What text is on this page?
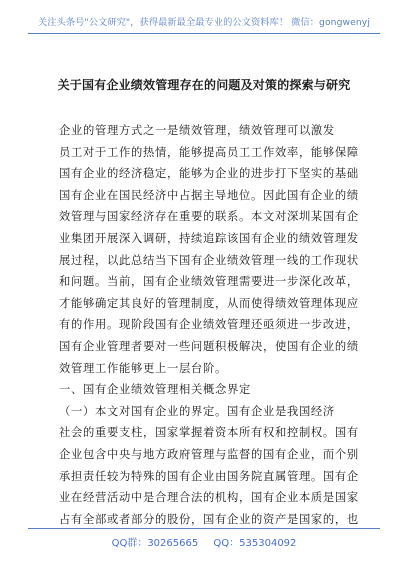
关注头条号"公文研究"，获得最新最全最专业的公文资料库！ 微信：gongwenyj
关于国有企业绩效管理存在的问题及对策的探索与研究
企业的管理方式之一是绩效管理，绩效管理可以激发
员工对于工作的热情，能够提高员工工作效率，能够保障
国有企业的经济稳定，能够为企业的进步打下坚实的基础
国有企业在国民经济中占据主导地位。因此国有企业的绩
效管理与国家经济存在重要的联系。本文对深圳某国有企
业集团开展深入调研，持续追踪该国有企业的绩效管理发
展过程，以此总结当下国有企业绩效管理一线的工作现状
和问题。当前，国有企业绩效管理需要进一步深化改革，
才能够确定其良好的管理制度，从而使得绩效管理体现应
有的作用。现阶段国有企业绩效管理还亟须进一步改进，
国有企业管理者要对一些问题积极解决，使国有企业的绩
效管理工作能够更上一层台阶。
一、国有企业绩效管理相关概念界定
（一）本文对国有企业的界定。国有企业是我国经济
社会的重要支柱，国家掌握着资本所有权和控制权。国有
企业包含中央与地方政府管理与监督的国有企业，而个别
承担责任较为特殊的国有企业由国务院直属管理。国有企
业在经营活动中是合理合法的机构，国有企业本质是国家
占有全部或者部分的股份，国有企业的资产是国家的，也
QQ群：30265665 QQ：535304092
